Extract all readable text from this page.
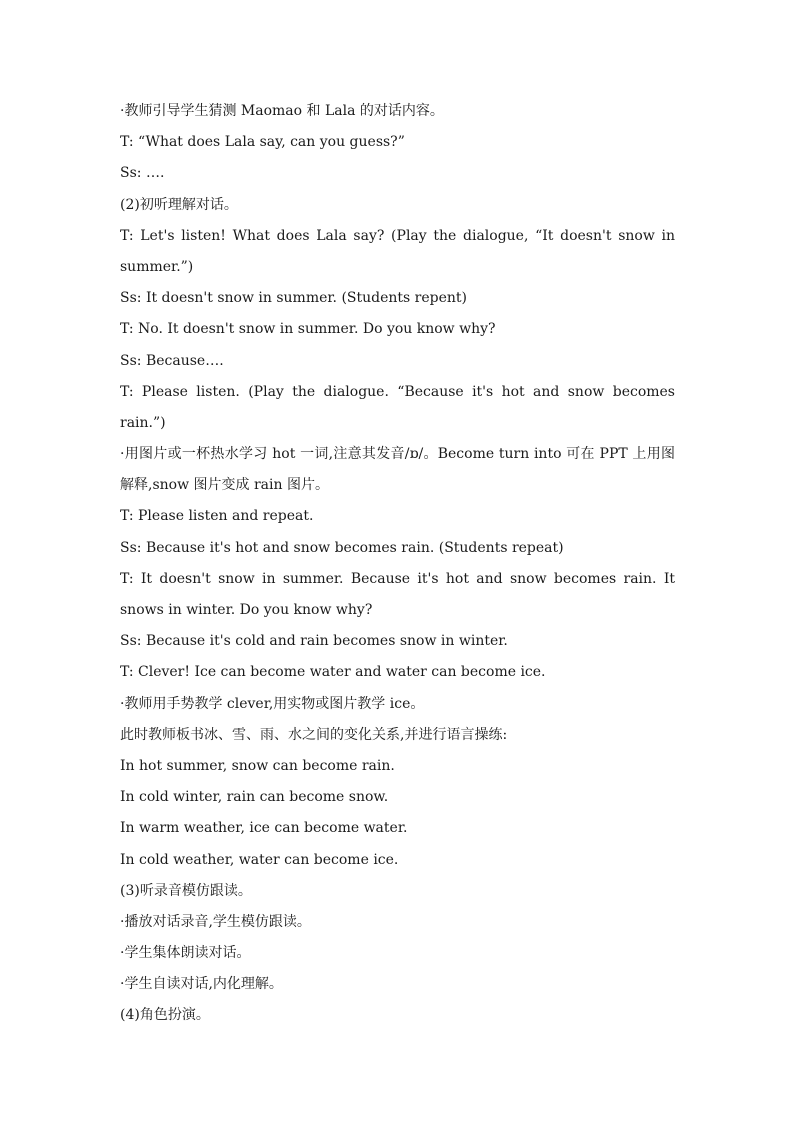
·教师引导学生猜测 Maomao 和 Lala 的对话内容。
T: “What does Lala say, can you guess?”
Ss: ….
(2)初听理解对话。
T: Let's listen! What does Lala say? (Play the dialogue, “It doesn't snow in
summer.”)
Ss: It doesn't snow in summer. (Students repent)
T: No. It doesn't snow in summer. Do you know why?
Ss: Because….
T: Please listen. (Play the dialogue. “Because it's hot and snow becomes
rain.”)
·用图片或一杯热水学习 hot 一词,注意其发音/ɒ/。Become turn into 可在 PPT 上用图
解释,snow 图片变成 rain 图片。
T: Please listen and repeat.
Ss: Because it's hot and snow becomes rain. (Students repeat)
T: It doesn't snow in summer. Because it's hot and snow becomes rain. It
snows in winter. Do you know why?
Ss: Because it's cold and rain becomes snow in winter.
T: Clever! Ice can become water and water can become ice.
·教师用手势教学 clever,用实物或图片教学 ice。
此时教师板书冰、雪、雨、水之间的变化关系,并进行语言操练:
In hot summer, snow can become rain.
In cold winter, rain can become snow.
In warm weather, ice can become water.
In cold weather, water can become ice.
(3)听录音模仿跟读。
·播放对话录音,学生模仿跟读。
·学生集体朗读对话。
·学生自读对话,内化理解。
(4)角色扮演。
